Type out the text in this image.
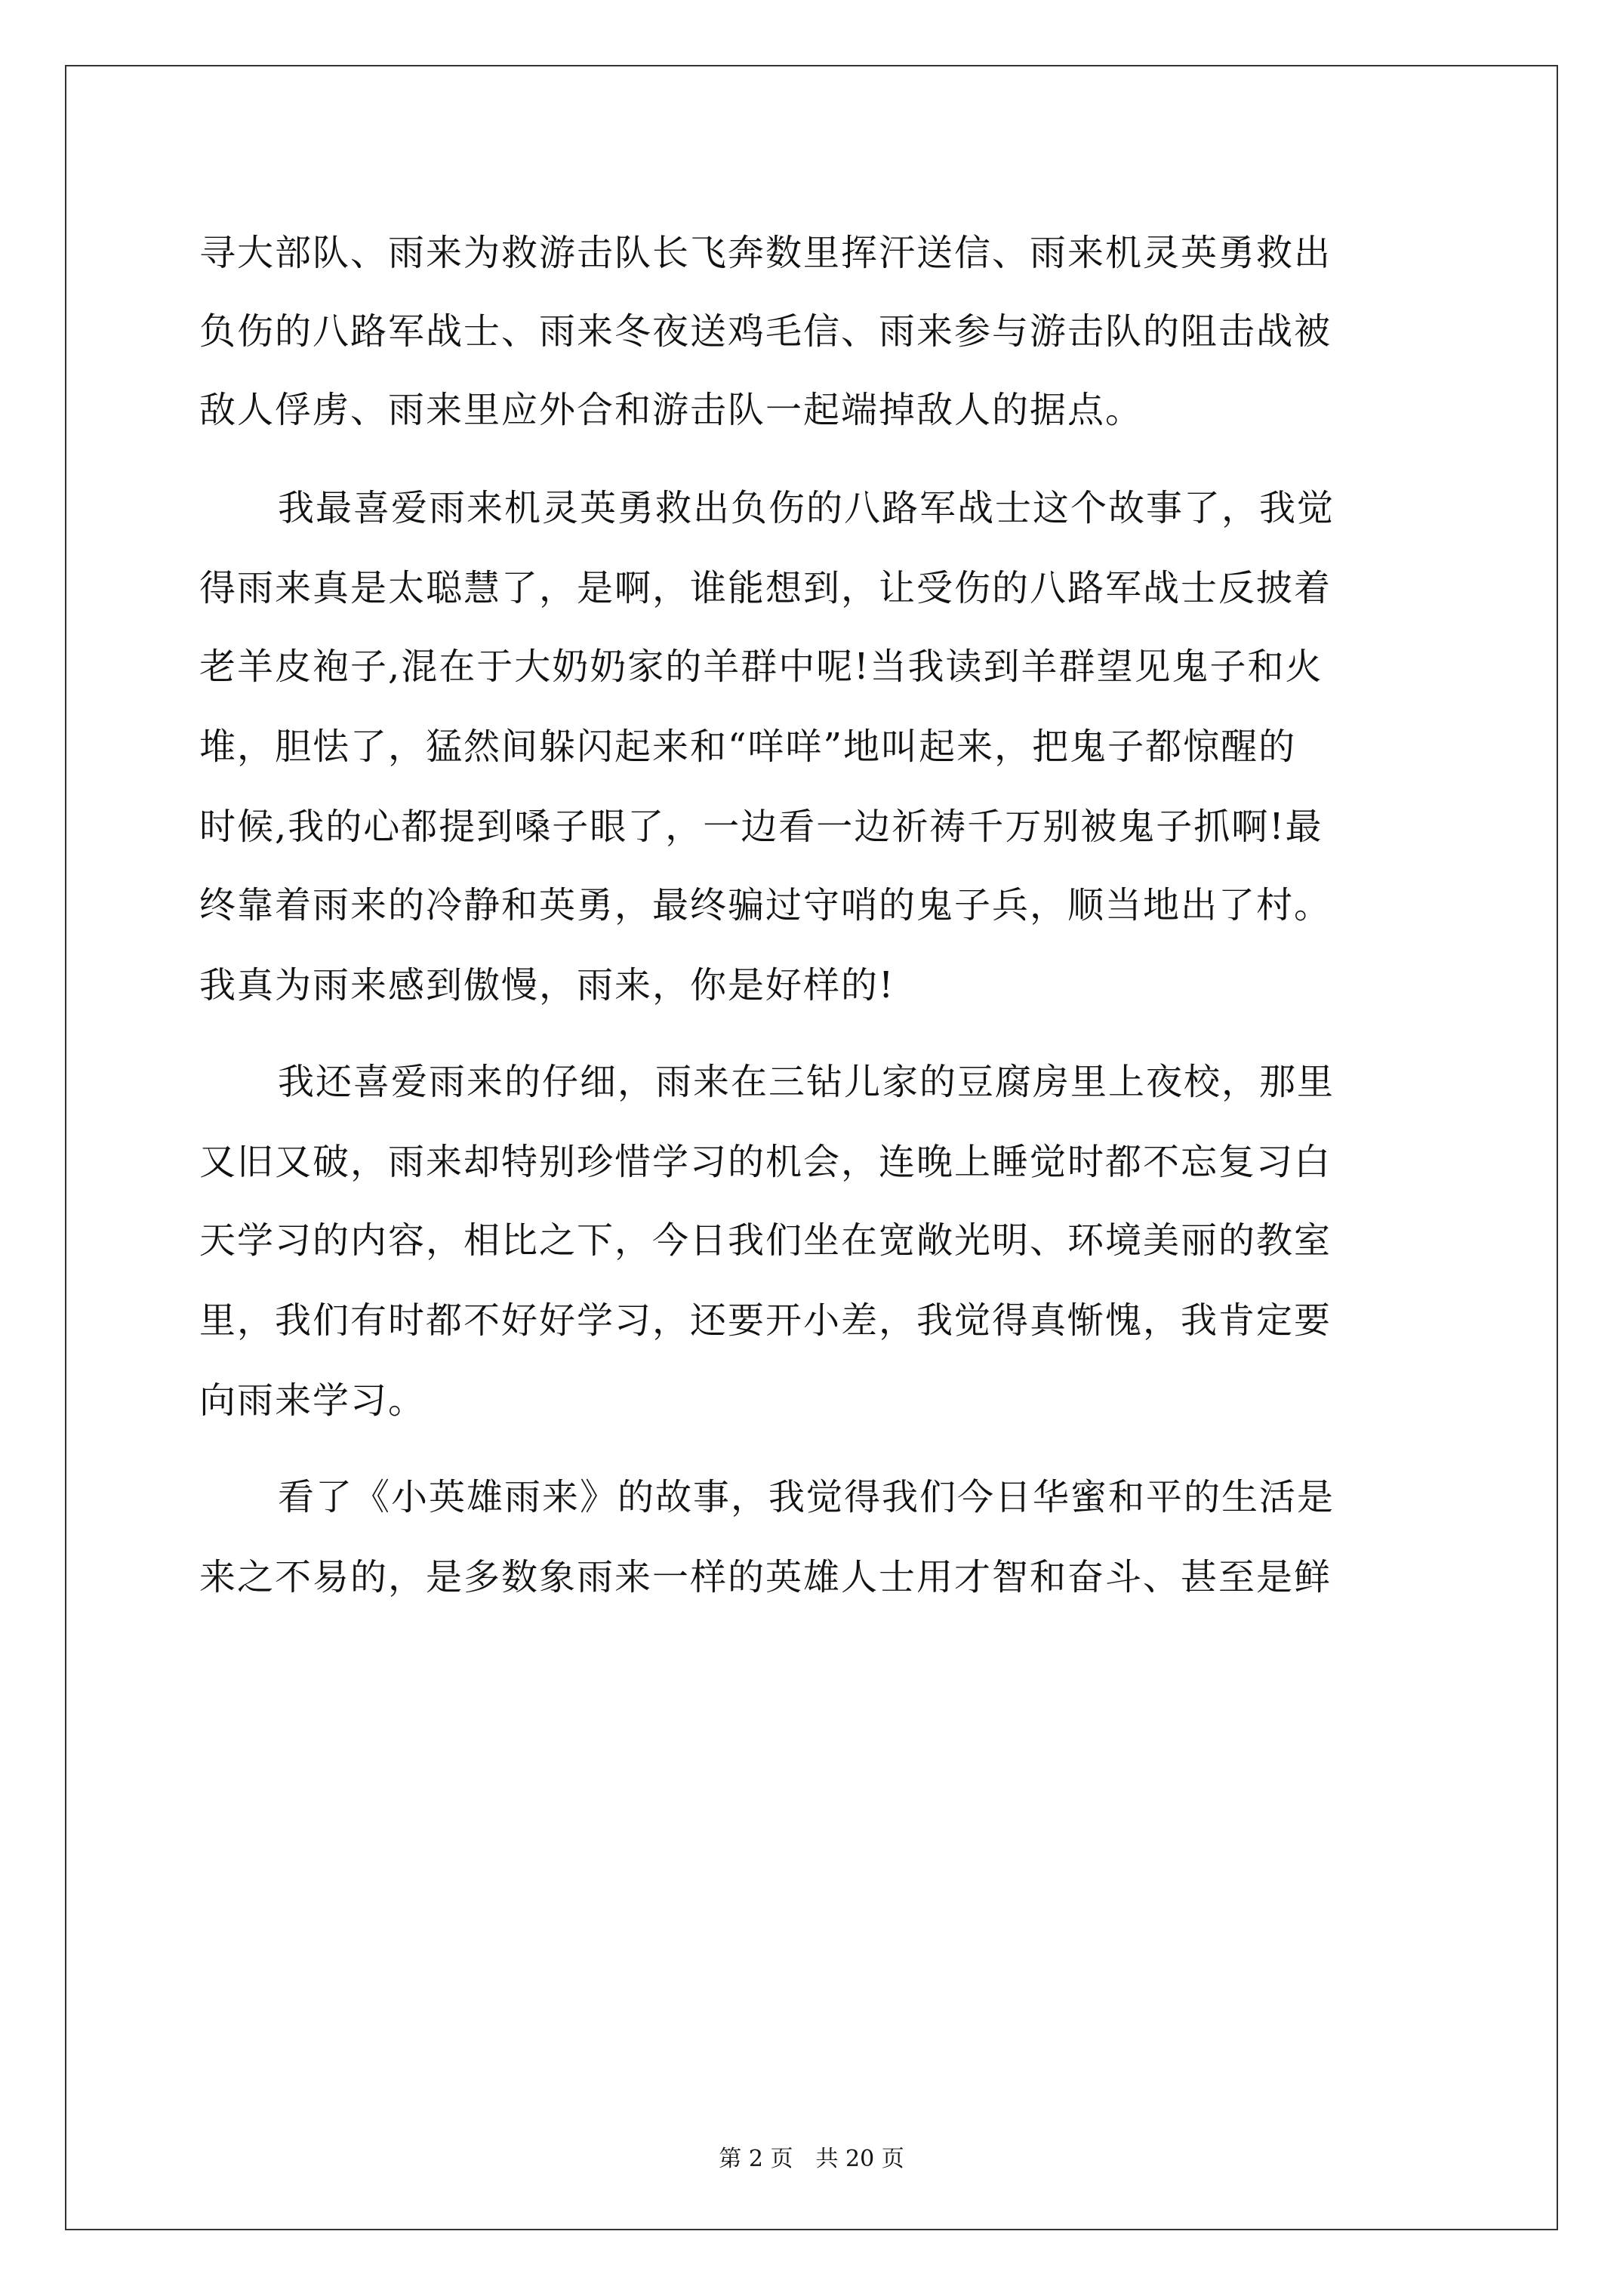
寻大部队、雨来为救游击队长飞奔数里挥汗送信、雨来机灵英勇救出
负伤的八路军战士、雨来冬夜送鸡毛信、雨来参与游击队的阻击战被
敌人俘虏、雨来里应外合和游击队一起端掉敌人的据点。
我最喜爱雨来机灵英勇救出负伤的八路军战士这个故事了，我觉
得雨来真是太聪慧了，是啊，谁能想到，让受伤的八路军战士反披着
老羊皮袍子,混在于大奶奶家的羊群中呢!当我读到羊群望见鬼子和火
堆，胆怯了，猛然间躲闪起来和“咩咩”地叫起来，把鬼子都惊醒的
时候,我的心都提到嗓子眼了，一边看一边祈祷千万别被鬼子抓啊!最
终靠着雨来的冷静和英勇，最终骗过守哨的鬼子兵，顺当地出了村。
我真为雨来感到傲慢，雨来，你是好样的!
我还喜爱雨来的仔细，雨来在三钻儿家的豆腐房里上夜校，那里
又旧又破，雨来却特别珍惜学习的机会，连晚上睡觉时都不忘复习白
天学习的内容，相比之下，今日我们坐在宽敞光明、环境美丽的教室
里，我们有时都不好好学习，还要开小差，我觉得真惭愧，我肯定要
向雨来学习。
看了《小英雄雨来》的故事，我觉得我们今日华蜜和平的生活是
来之不易的，是多数象雨来一样的英雄人士用才智和奋斗、甚至是鲜
第 2 页　共 20 页
